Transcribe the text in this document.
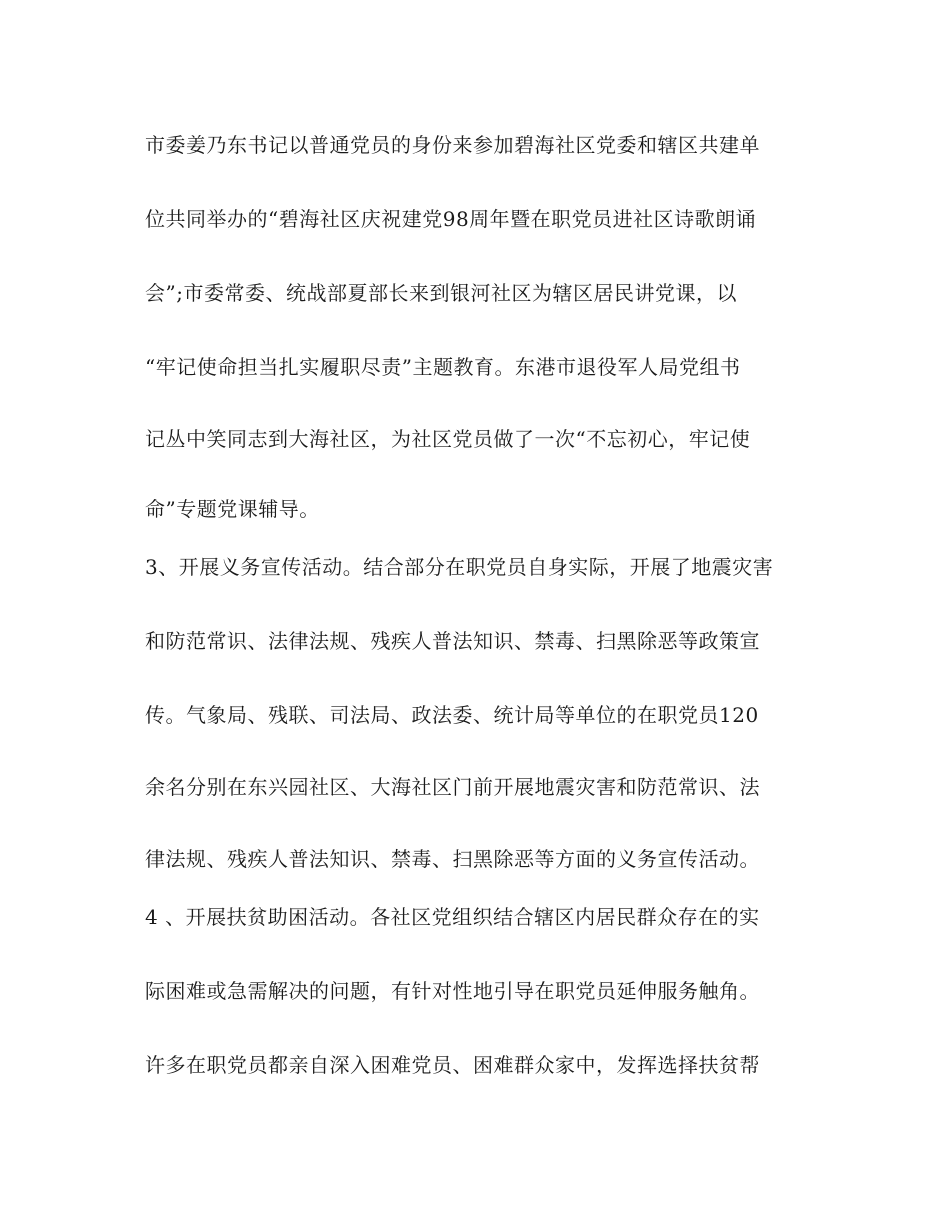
市委姜乃东书记以普通党员的身份来参加碧海社区党委和辖区共建单
位共同举办的“碧海社区庆祝建党98周年暨在职党员进社区诗歌朗诵
会”;市委常委、统战部夏部长来到银河社区为辖区居民讲党课，以
“牢记使命担当扎实履职尽责”主题教育。东港市退役军人局党组书
记丛中笑同志到大海社区，为社区党员做了一次“不忘初心，牢记使
命”专题党课辅导。
3、开展义务宣传活动。结合部分在职党员自身实际，开展了地震灾害
和防范常识、法律法规、残疾人普法知识、禁毒、扫黑除恶等政策宣
传。气象局、残联、司法局、政法委、统计局等单位的在职党员120
余名分别在东兴园社区、大海社区门前开展地震灾害和防范常识、法
律法规、残疾人普法知识、禁毒、扫黑除恶等方面的义务宣传活动。
4 、开展扶贫助困活动。各社区党组织结合辖区内居民群众存在的实
际困难或急需解决的问题，有针对性地引导在职党员延伸服务触角。
许多在职党员都亲自深入困难党员、困难群众家中，发挥选择扶贫帮
